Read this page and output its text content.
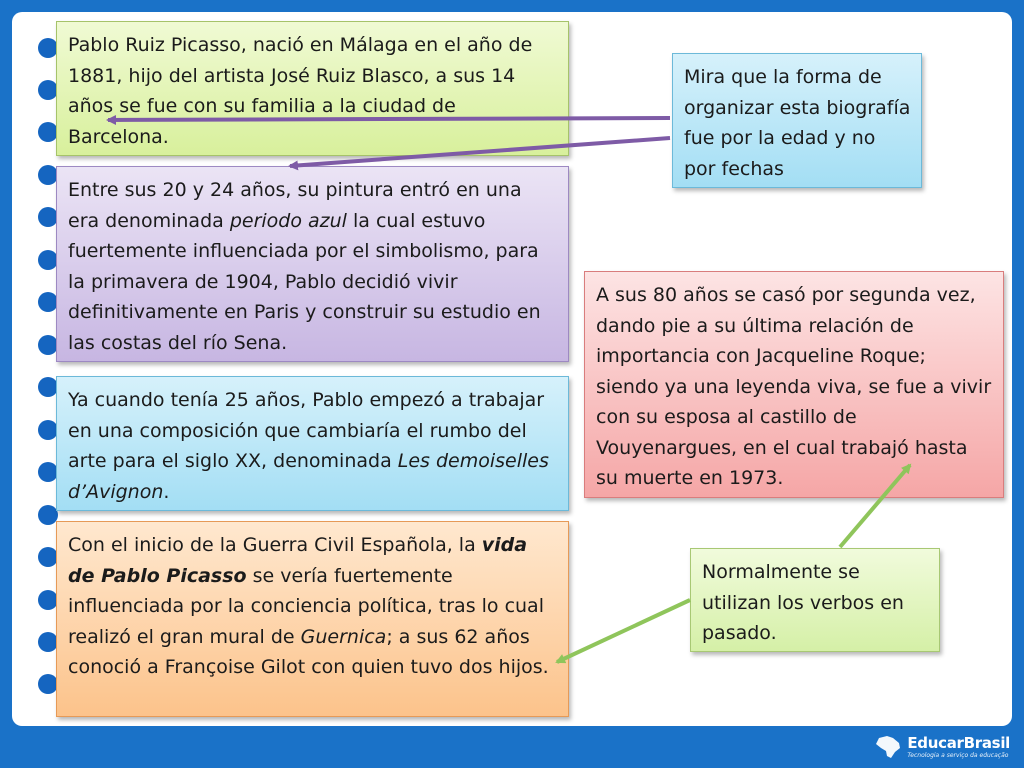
Pablo Ruiz Picasso, nació en Málaga en el año de 1881, hijo del artista José Ruiz Blasco, a sus 14 años se fue con su familia a la ciudad de Barcelona.
Entre sus 20 y 24 años, su pintura entró en una era denominada periodo azul la cual estuvo fuertemente influenciada por el simbolismo, para la primavera de 1904, Pablo decidió vivir definitivamente en Paris y construir su estudio en las costas del río Sena.
Ya cuando tenía 25 años, Pablo empezó a trabajar en una composición que cambiaría el rumbo del arte para el siglo XX, denominada Les demoiselles d’Avignon.
Con el inicio de la Guerra Civil Española, la vida de Pablo Picasso se vería fuertemente influenciada por la conciencia política, tras lo cual realizó el gran mural de Guernica; a sus 62 años conoció a Françoise Gilot con quien tuvo dos hijos.
A sus 80 años se casó por segunda vez, dando pie a su última relación de importancia con Jacqueline Roque; siendo ya una leyenda viva, se fue a vivir con su esposa al castillo de Vouyenargues, en el cual trabajó hasta su muerte en 1973.
Mira que la forma de organizar esta biografía fue por la edad y no por fechas
Normalmente se utilizan los verbos en pasado.
EducarBrasil
Tecnologia a serviço da educação
